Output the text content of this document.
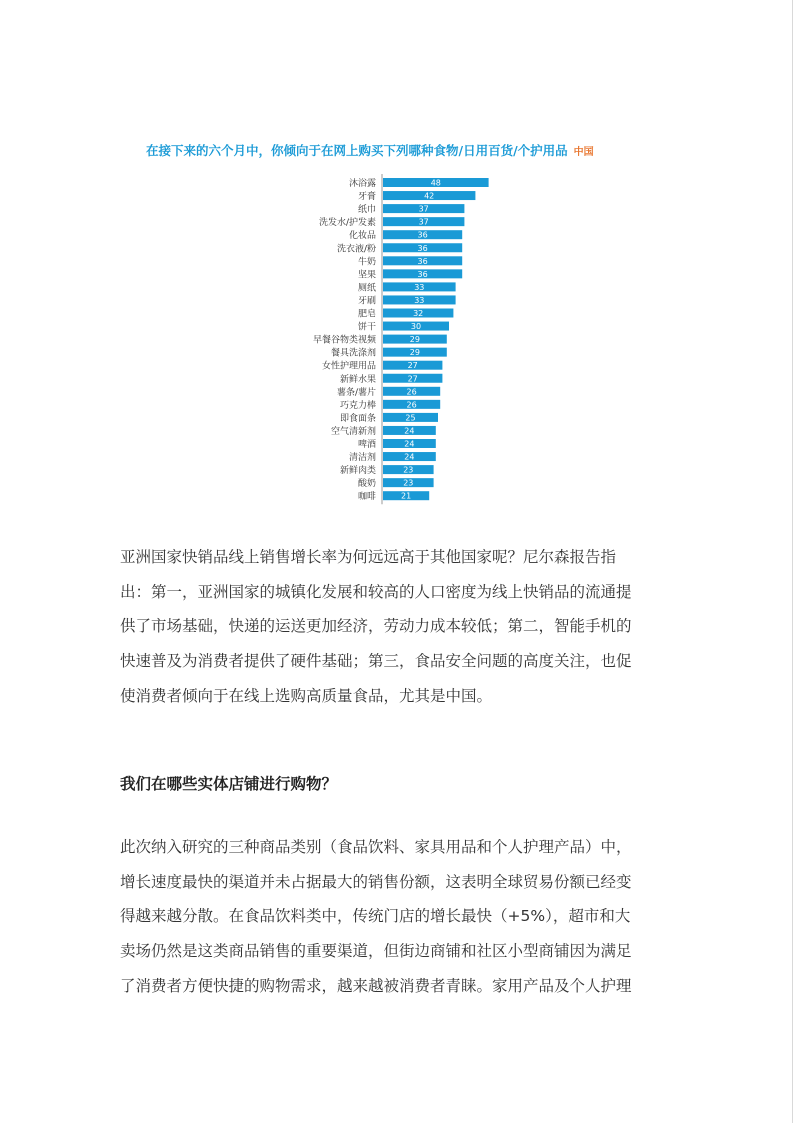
在接下来的六个月中，你倾向于在网上购买下列哪种食物/日用百货/个护用品 中国
沐浴露	48
牙膏	42
纸巾	37
洗发水/护发素	37
化妆品	36
洗衣液/粉	36
牛奶	36
坚果	36
厕纸	33
牙刷	33
肥皂	32
饼干	30
早餐谷物类视频	29
餐具洗涤剂	29
女性护理用品	27
新鲜水果	27
薯条/薯片	26
巧克力棒	26
即食面条	25
空气清新剂	24
啤酒	24
清洁剂	24
新鲜肉类	23
酸奶	23
咖啡	21
亚洲国家快销品线上销售增长率为何远远高于其他国家呢？尼尔森报告指
出：第一，亚洲国家的城镇化发展和较高的人口密度为线上快销品的流通提
供了市场基础，快递的运送更加经济，劳动力成本较低；第二，智能手机的
快速普及为消费者提供了硬件基础；第三，食品安全问题的高度关注，也促
使消费者倾向于在线上选购高质量食品，尤其是中国。
我们在哪些实体店铺进行购物？
此次纳入研究的三种商品类别（食品饮料、家具用品和个人护理产品）中，
增长速度最快的渠道并未占据最大的销售份额，这表明全球贸易份额已经变
得越来越分散。在食品饮料类中，传统门店的增长最快（+5%），超市和大
卖场仍然是这类商品销售的重要渠道，但街边商铺和社区小型商铺因为满足
了消费者方便快捷的购物需求，越来越被消费者青睐。家用产品及个人护理
